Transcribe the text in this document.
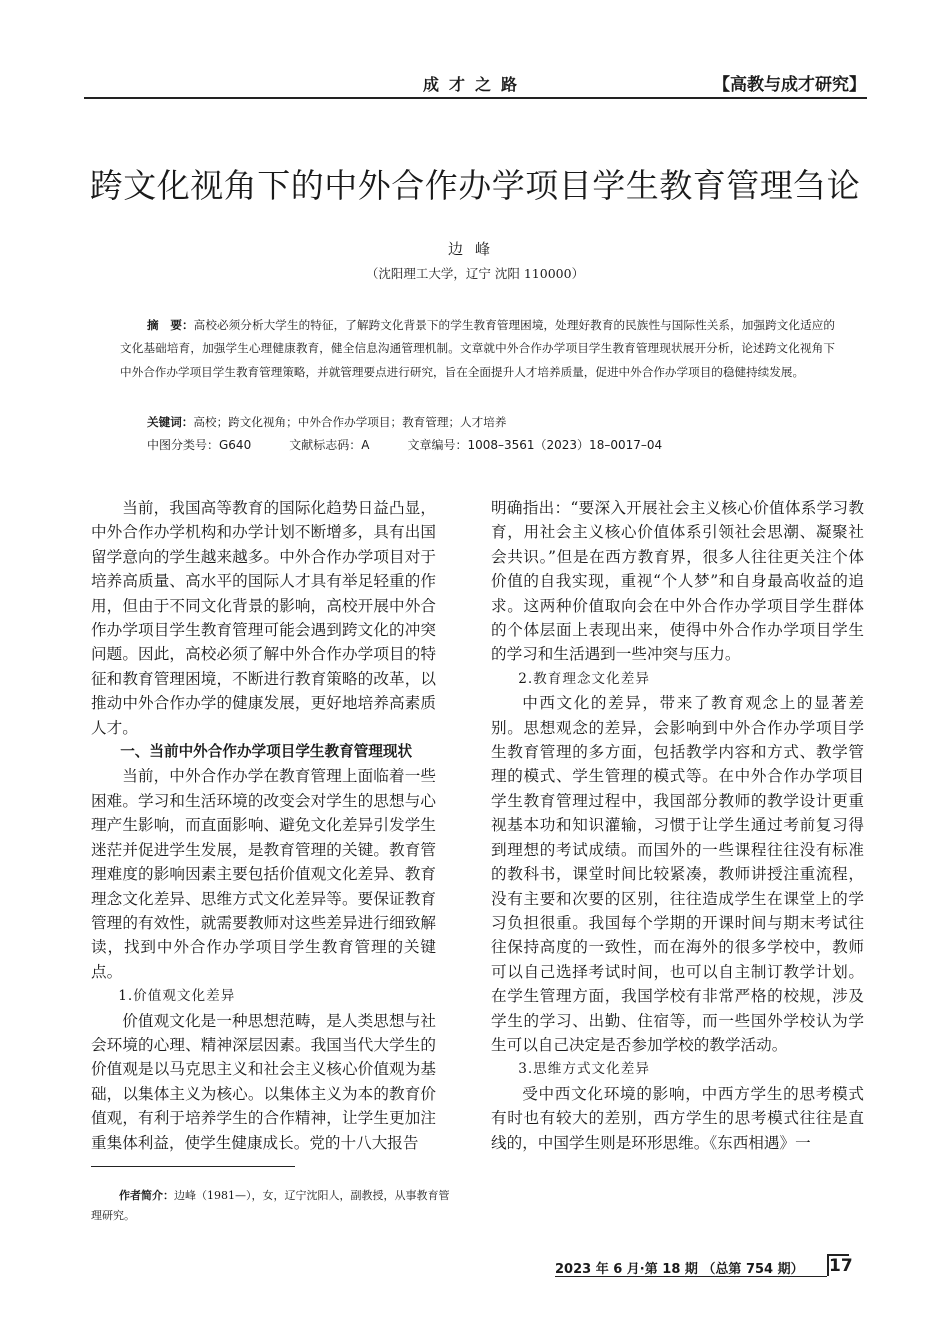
成才之路	【高教与成才研究】
跨文化视角下的中外合作办学项目学生教育管理刍论
边峰
（沈阳理工大学，辽宁 沈阳 110000）
摘　要：高校必须分析大学生的特征，了解跨文化背景下的学生教育管理困境，处理好教育的民族性与国际性关系，加强跨文化适应的文化基础培育，加强学生心理健康教育，健全信息沟通管理机制。文章就中外合作办学项目学生教育管理现状展开分析，论述跨文化视角下中外合作办学项目学生教育管理策略，并就管理要点进行研究，旨在全面提升人才培养质量，促进中外合作办学项目的稳健持续发展。
关键词：高校；跨文化视角；中外合作办学项目；教育管理；人才培养
中图分类号：G640	文献标志码：A	文章编号：1008–3561（2023）18–0017–04

当前，我国高等教育的国际化趋势日益凸显，中外合作办学机构和办学计划不断增多，具有出国留学意向的学生越来越多。中外合作办学项目对于培养高质量、高水平的国际人才具有举足轻重的作用，但由于不同文化背景的影响，高校开展中外合作办学项目学生教育管理可能会遇到跨文化的冲突问题。因此，高校必须了解中外合作办学项目的特征和教育管理困境，不断进行教育策略的改革，以推动中外合作办学的健康发展，更好地培养高素质人才。

一、当前中外合作办学项目学生教育管理现状

当前，中外合作办学在教育管理上面临着一些困难。学习和生活环境的改变会对学生的思想与心理产生影响，而直面影响、避免文化差异引发学生迷茫并促进学生发展，是教育管理的关键。教育管理难度的影响因素主要包括价值观文化差异、教育理念文化差异、思维方式文化差异等。要保证教育管理的有效性，就需要教师对这些差异进行细致解读，找到中外合作办学项目学生教育管理的关键点。

1.价值观文化差异

价值观文化是一种思想范畴，是人类思想与社会环境的心理、精神深层因素。我国当代大学生的价值观是以马克思主义和社会主义核心价值观为基础，以集体主义为核心。以集体主义为本的教育价值观，有利于培养学生的合作精神，让学生更加注重集体利益，使学生健康成长。党的十八大报告

明确指出：“要深入开展社会主义核心价值体系学习教育，用社会主义核心价值体系引领社会思潮、凝聚社会共识。”但是在西方教育界，很多人往往更关注个体价值的自我实现，重视“个人梦”和自身最高收益的追求。这两种价值取向会在中外合作办学项目学生群体的个体层面上表现出来，使得中外合作办学项目学生的学习和生活遇到一些冲突与压力。

2.教育理念文化差异

中西文化的差异，带来了教育观念上的显著差别。思想观念的差异，会影响到中外合作办学项目学生教育管理的多方面，包括教学内容和方式、教学管理的模式、学生管理的模式等。在中外合作办学项目学生教育管理过程中，我国部分教师的教学设计更重视基本功和知识灌输，习惯于让学生通过考前复习得到理想的考试成绩。而国外的一些课程往往没有标准的教科书，课堂时间比较紧凑，教师讲授注重流程，没有主要和次要的区别，往往造成学生在课堂上的学习负担很重。我国每个学期的开课时间与期末考试往往保持高度的一致性，而在海外的很多学校中，教师可以自己选择考试时间，也可以自主制订教学计划。在学生管理方面，我国学校有非常严格的校规，涉及学生的学习、出勤、住宿等，而一些国外学校认为学生可以自己决定是否参加学校的教学活动。

3.思维方式文化差异

受中西文化环境的影响，中西方学生的思考模式有时也有较大的差别，西方学生的思考模式往往是直线的，中国学生则是环形思维。《东西相遇》一

作者简介：边峰（1981—），女，辽宁沈阳人，副教授，从事教育管理研究。
2023 年 6 月·第 18 期 （总第 754 期） 17
